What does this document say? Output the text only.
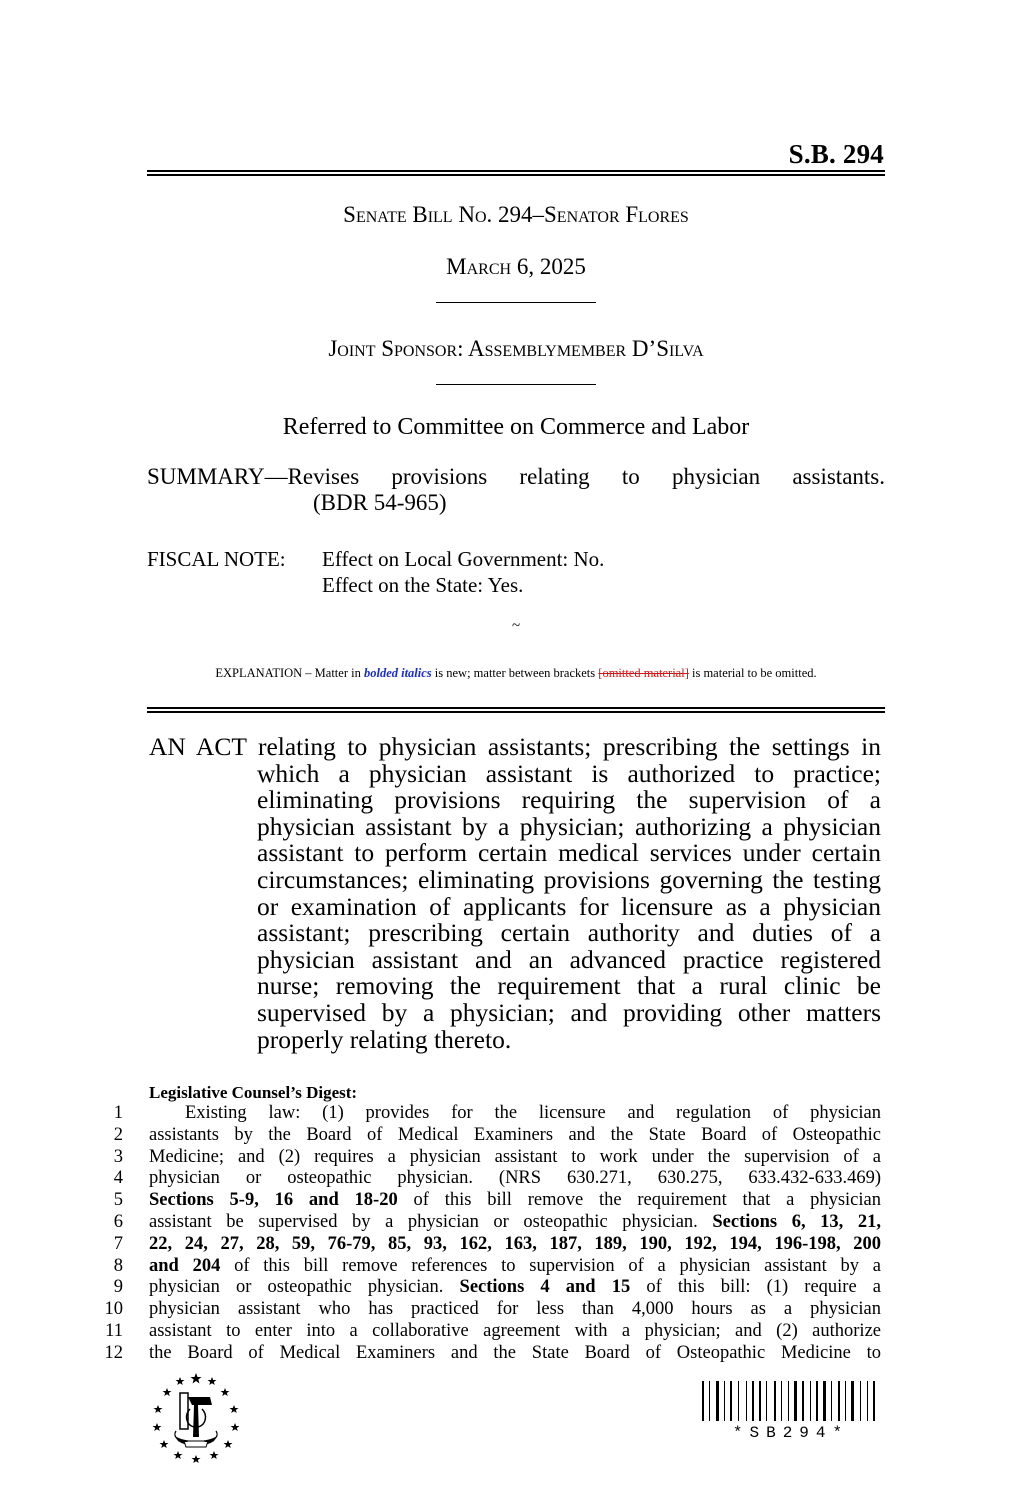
S.B. 294
Senate Bill No. 294–Senator Flores
March 6, 2025
Joint Sponsor: Assemblymember D’Silva
Referred to Committee on Commerce and Labor
SUMMARY—Revises provisions relating to physician assistants.
(BDR 54-965)
FISCAL NOTE: Effect on Local Government: No.
Effect on the State: Yes.
~
EXPLANATION – Matter in bolded italics is new; matter between brackets [omitted material] is material to be omitted.
AN ACT relating to physician assistants; prescribing the settings in which a physician assistant is authorized to practice; eliminating provisions requiring the supervision of a physician assistant by a physician; authorizing a physician assistant to perform certain medical services under certain circumstances; eliminating provisions governing the testing or examination of applicants for licensure as a physician assistant; prescribing certain authority and duties of a physician assistant and an advanced practice registered nurse; removing the requirement that a rural clinic be supervised by a physician; and providing other matters properly relating thereto.
Legislative Counsel’s Digest:
1	Existing law: (1) provides for the licensure and regulation of physician
2 assistants by the Board of Medical Examiners and the State Board of Osteopathic
3 Medicine; and (2) requires a physician assistant to work under the supervision of a
4 physician or osteopathic physician. (NRS 630.271, 630.275, 633.432-633.469)
5 Sections 5-9, 16 and 18-20 of this bill remove the requirement that a physician
6 assistant be supervised by a physician or osteopathic physician. Sections 6, 13, 21,
7 22, 24, 27, 28, 59, 76-79, 85, 93, 162, 163, 187, 189, 190, 192, 194, 196-198, 200
8 and 204 of this bill remove references to supervision of a physician assistant by a
9 physician or osteopathic physician. Sections 4 and 15 of this bill: (1) require a
10 physician assistant who has practiced for less than 4,000 hours as a physician
11 assistant to enter into a collaborative agreement with a physician; and (2) authorize
12 the Board of Medical Examiners and the State Board of Osteopathic Medicine to
*SB294*
